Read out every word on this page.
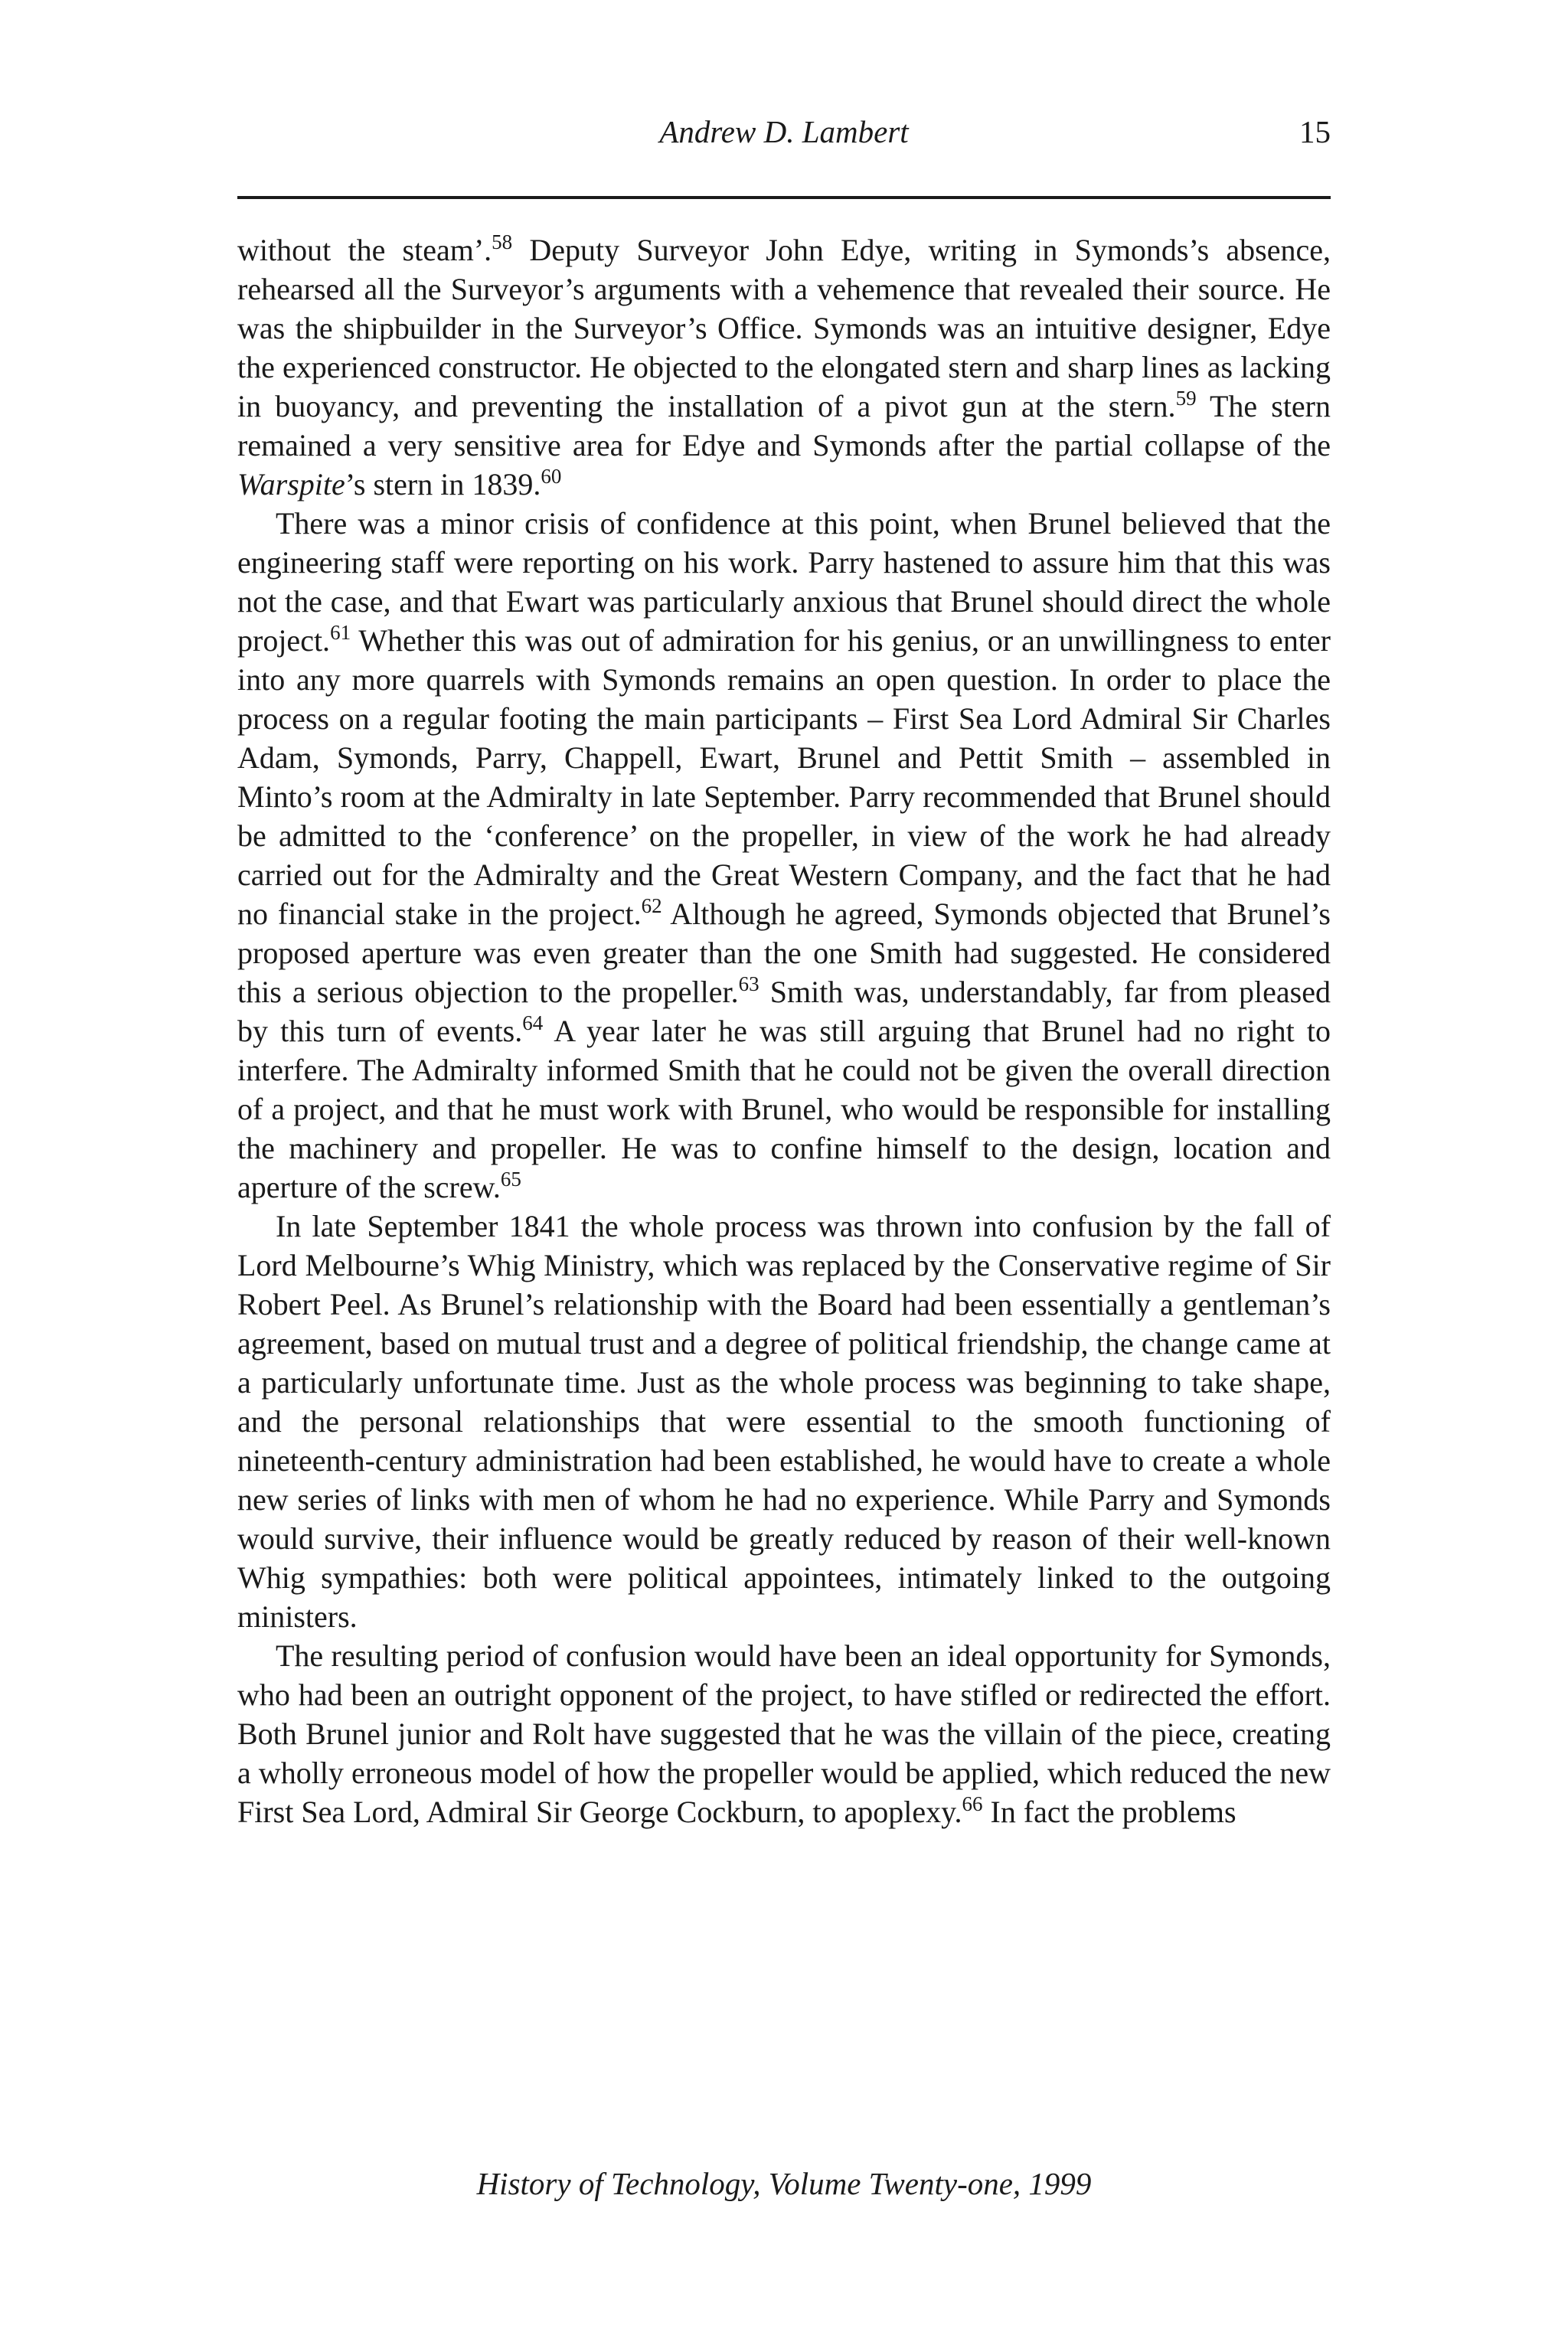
Andrew D. Lambert	15

without the steam’.$^{58}$ Deputy Surveyor John Edye, writing in Symonds’s absence, rehearsed all the Surveyor’s arguments with a vehemence that revealed their source. He was the shipbuilder in the Surveyor’s Office. Symonds was an intuitive designer, Edye the experienced constructor. He objected to the elongated stern and sharp lines as lacking in buoyancy, and preventing the installation of a pivot gun at the stern.$^{59}$ The stern remained a very sensitive area for Edye and Symonds after the partial collapse of the Warspite’s stern in 1839.60

There was a minor crisis of confidence at this point, when Brunel believed that the engineering staff were reporting on his work. Parry hastened to assure him that this was not the case, and that Ewart was particularly anxious that Brunel should direct the whole project.$^{61}$ Whether this was out of admiration for his genius, or an unwillingness to enter into any more quarrels with Symonds remains an open question. In order to place the process on a regular footing the main participants – First Sea Lord Admiral Sir Charles Adam, Symonds, Parry, Chappell, Ewart, Brunel and Pettit Smith – assembled in Minto’s room at the Admiralty in late September. Parry recommended that Brunel should be admitted to the ‘conference’ on the propeller, in view of the work he had already carried out for the Admiralty and the Great Western Company, and the fact that he had no financial stake in the project.$^{62}$ Although he agreed, Symonds objected that Brunel’s proposed aperture was even greater than the one Smith had suggested. He considered this a serious objection to the propeller.$^{63}$ Smith was, understandably, far from pleased by this turn of events.$^{64}$ A year later he was still arguing that Brunel had no right to interfere. The Admiralty informed Smith that he could not be given the overall direction of a project, and that he must work with Brunel, who would be responsible for installing the machinery and propeller. He was to confine himself to the design, location and aperture of the screw.$^{65}$

In late September 1841 the whole process was thrown into confusion by the fall of Lord Melbourne’s Whig Ministry, which was replaced by the Conservative regime of Sir Robert Peel. As Brunel’s relationship with the Board had been essentially a gentleman’s agreement, based on mutual trust and a degree of political friendship, the change came at a particularly unfortunate time. Just as the whole process was beginning to take shape, and the personal relationships that were essential to the smooth functioning of nineteenth-century administration had been established, he would have to create a whole new series of links with men of whom he had no experience. While Parry and Symonds would survive, their influence would be greatly reduced by reason of their well-known Whig sympathies: both were political appointees, intimately linked to the outgoing ministers.

The resulting period of confusion would have been an ideal opportunity for Symonds, who had been an outright opponent of the project, to have stifled or redirected the effort. Both Brunel junior and Rolt have suggested that he was the villain of the piece, creating a wholly erroneous model of how the propeller would be applied, which reduced the new First Sea Lord, Admiral Sir George Cockburn, to apoplexy.$^{66}$ In fact the problems

History of Technology, Volume Twenty-one, 1999
